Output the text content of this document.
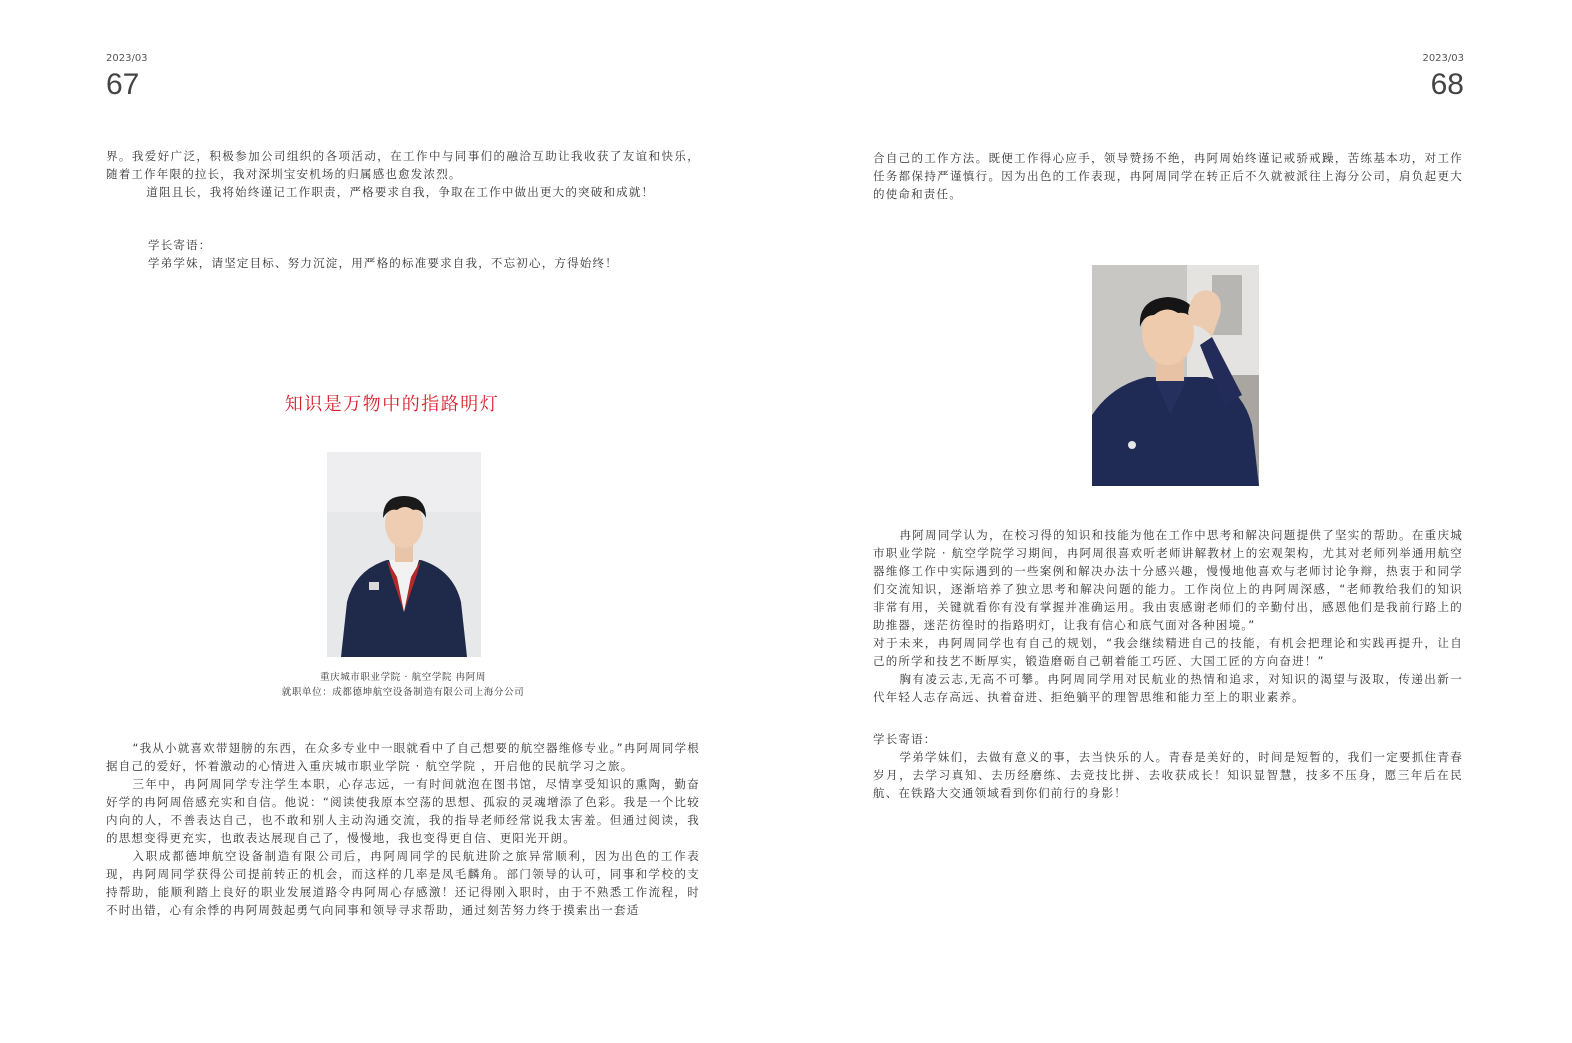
2023/03
67

界。我爱好广泛，积极参加公司组织的各项活动，在工作中与同事们的融洽互助让我收获了友谊和快乐，随着工作年限的拉长，我对深圳宝安机场的归属感也愈发浓烈。

道阻且长，我将始终谨记工作职责，严格要求自我，争取在工作中做出更大的突破和成就！

学长寄语：

学弟学妹，请坚定目标、努力沉淀，用严格的标准要求自我，不忘初心，方得始终！

知识是万物中的指路明灯

重庆城市职业学院 · 航空学院 冉阿周

就职单位：成都德坤航空设备制造有限公司上海分公司

“我从小就喜欢带翅膀的东西，在众多专业中一眼就看中了自己想要的航空器维修专业。”冉阿周同学根据自己的爱好，怀着激动的心情进入重庆城市职业学院 · 航空学院 ，开启他的民航学习之旅。

三年中，冉阿周同学专注学生本职，心存志远，一有时间就泡在图书馆，尽情享受知识的熏陶，勤奋好学的冉阿周倍感充实和自信。他说：“阅读使我原本空荡的思想、孤寂的灵魂增添了色彩。我是一个比较内向的人，不善表达自己，也不敢和别人主动沟通交流，我的指导老师经常说我太害羞。但通过阅读，我的思想变得更充实，也敢表达展现自己了，慢慢地，我也变得更自信、更阳光开朗。

入职成都德坤航空设备制造有限公司后，冉阿周同学的民航进阶之旅异常顺利，因为出色的工作表现，冉阿周同学获得公司提前转正的机会，而这样的几率是凤毛麟角。部门领导的认可，同事和学校的支持帮助，能顺利踏上良好的职业发展道路令冉阿周心存感激！还记得刚入职时，由于不熟悉工作流程，时不时出错，心有余悸的冉阿周鼓起勇气向同事和领导寻求帮助，通过刻苦努力终于摸索出一套适

2023/03
68

合自己的工作方法。既便工作得心应手，领导赞扬不绝，冉阿周始终谨记戒骄戒躁，苦练基本功，对工作任务都保持严谨慎行。因为出色的工作表现，冉阿周同学在转正后不久就被派往上海分公司，肩负起更大的使命和责任。

冉阿周同学认为，在校习得的知识和技能为他在工作中思考和解决问题提供了坚实的帮助。在重庆城市职业学院 · 航空学院学习期间，冉阿周很喜欢听老师讲解教材上的宏观架构，尤其对老师列举通用航空器维修工作中实际遇到的一些案例和解决办法十分感兴趣，慢慢地他喜欢与老师讨论争辩，热衷于和同学们交流知识，逐渐培养了独立思考和解决问题的能力。工作岗位上的冉阿周深感，“老师教给我们的知识非常有用，关键就看你有没有掌握并准确运用。我由衷感谢老师们的辛勤付出，感恩他们是我前行路上的助推器，迷茫彷徨时的指路明灯，让我有信心和底气面对各种困境。”

对于未来，冉阿周同学也有自己的规划，“我会继续精进自己的技能，有机会把理论和实践再提升，让自己的所学和技艺不断厚实，锻造磨砺自己朝着能工巧匠、大国工匠的方向奋进！”

胸有凌云志,无高不可攀。冉阿周同学用对民航业的热情和追求，对知识的渴望与汲取，传递出新一代年轻人志存高远、执着奋进、拒绝躺平的理智思维和能力至上的职业素养。

学长寄语：

学弟学妹们，去做有意义的事，去当快乐的人。青春是美好的，时间是短暂的，我们一定要抓住青春岁月，去学习真知、去历经磨练、去竞技比拼、去收获成长！知识显智慧，技多不压身，愿三年后在民航、在铁路大交通领域看到你们前行的身影！
